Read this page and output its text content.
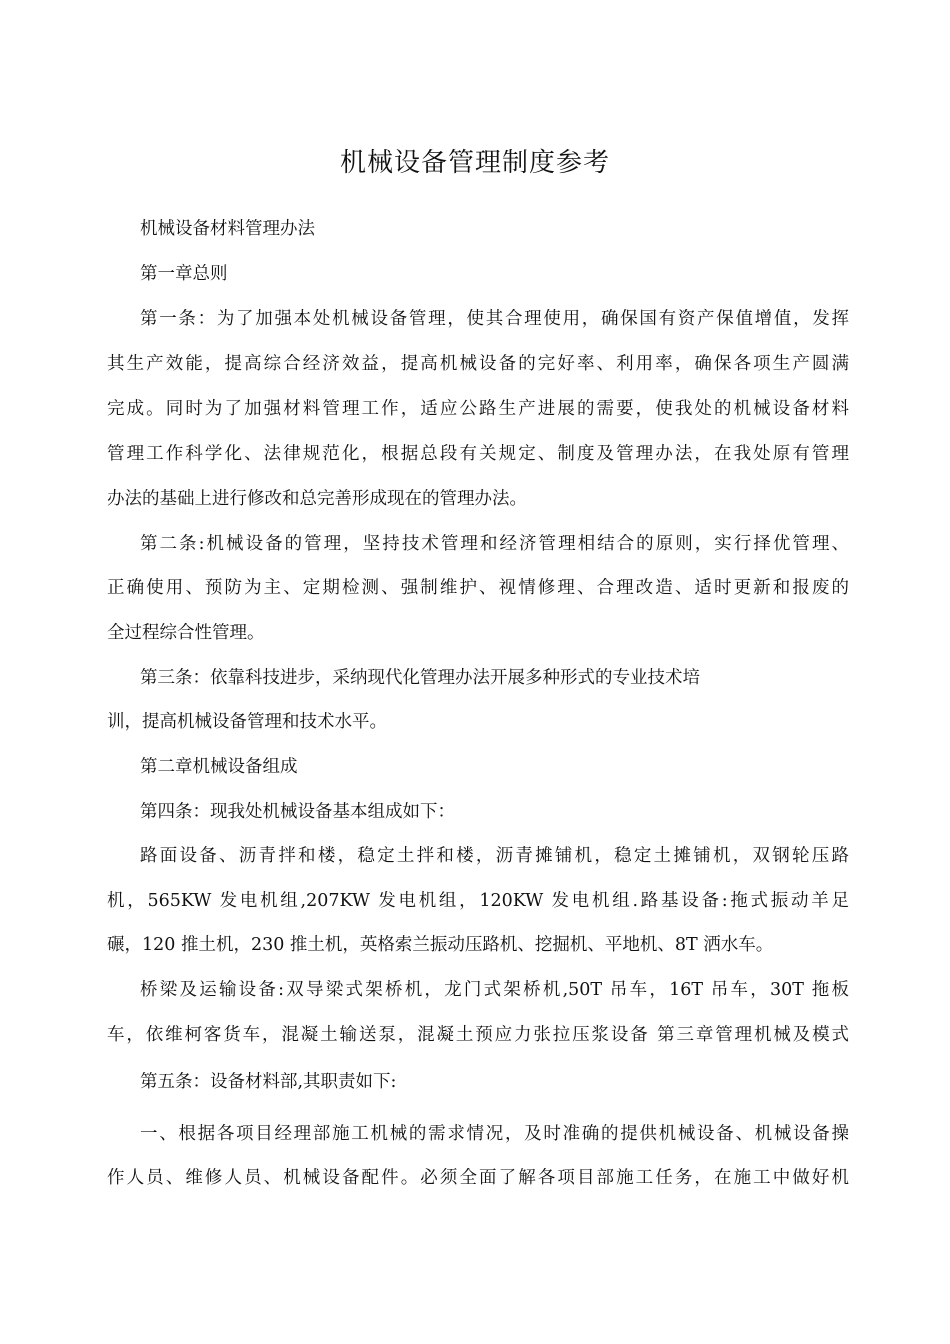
机械设备管理制度参考
机械设备材料管理办法
第一章总则
第一条：为了加强本处机械设备管理，使其合理使用，确保国有资产保值增值，发挥
其生产效能，提高综合经济效益，提高机械设备的完好率、利用率，确保各项生产圆满
完成。同时为了加强材料管理工作，适应公路生产进展的需要，使我处的机械设备材料
管理工作科学化、法律规范化，根据总段有关规定、制度及管理办法，在我处原有管理
办法的基础上进行修改和总完善形成现在的管理办法。
第二条:机械设备的管理，坚持技术管理和经济管理相结合的原则，实行择优管理、
正确使用、预防为主、定期检测、强制维护、视情修理、合理改造、适时更新和报废的
全过程综合性管理。
第三条：依靠科技进步，采纳现代化管理办法开展多种形式的专业技术培
训，提高机械设备管理和技术水平。
第二章机械设备组成
第四条：现我处机械设备基本组成如下：
路面设备、沥青拌和楼，稳定土拌和楼，沥青摊铺机，稳定土摊铺机，双钢轮压路
机，565KW 发电机组,207KW 发电机组，120KW 发电机组.路基设备:拖式振动羊足
碾，120 推土机，230 推土机，英格索兰振动压路机、挖掘机、平地机、8T 洒水车。
桥梁及运输设备:双导梁式架桥机，龙门式架桥机,50T 吊车，16T 吊车，30T 拖板
车，依维柯客货车，混凝土输送泵，混凝土预应力张拉压浆设备 第三章管理机械及模式
第五条：设备材料部,其职责如下:
一、根据各项目经理部施工机械的需求情况，及时准确的提供机械设备、机械设备操
作人员、维修人员、机械设备配件。必须全面了解各项目部施工任务，在施工中做好机
